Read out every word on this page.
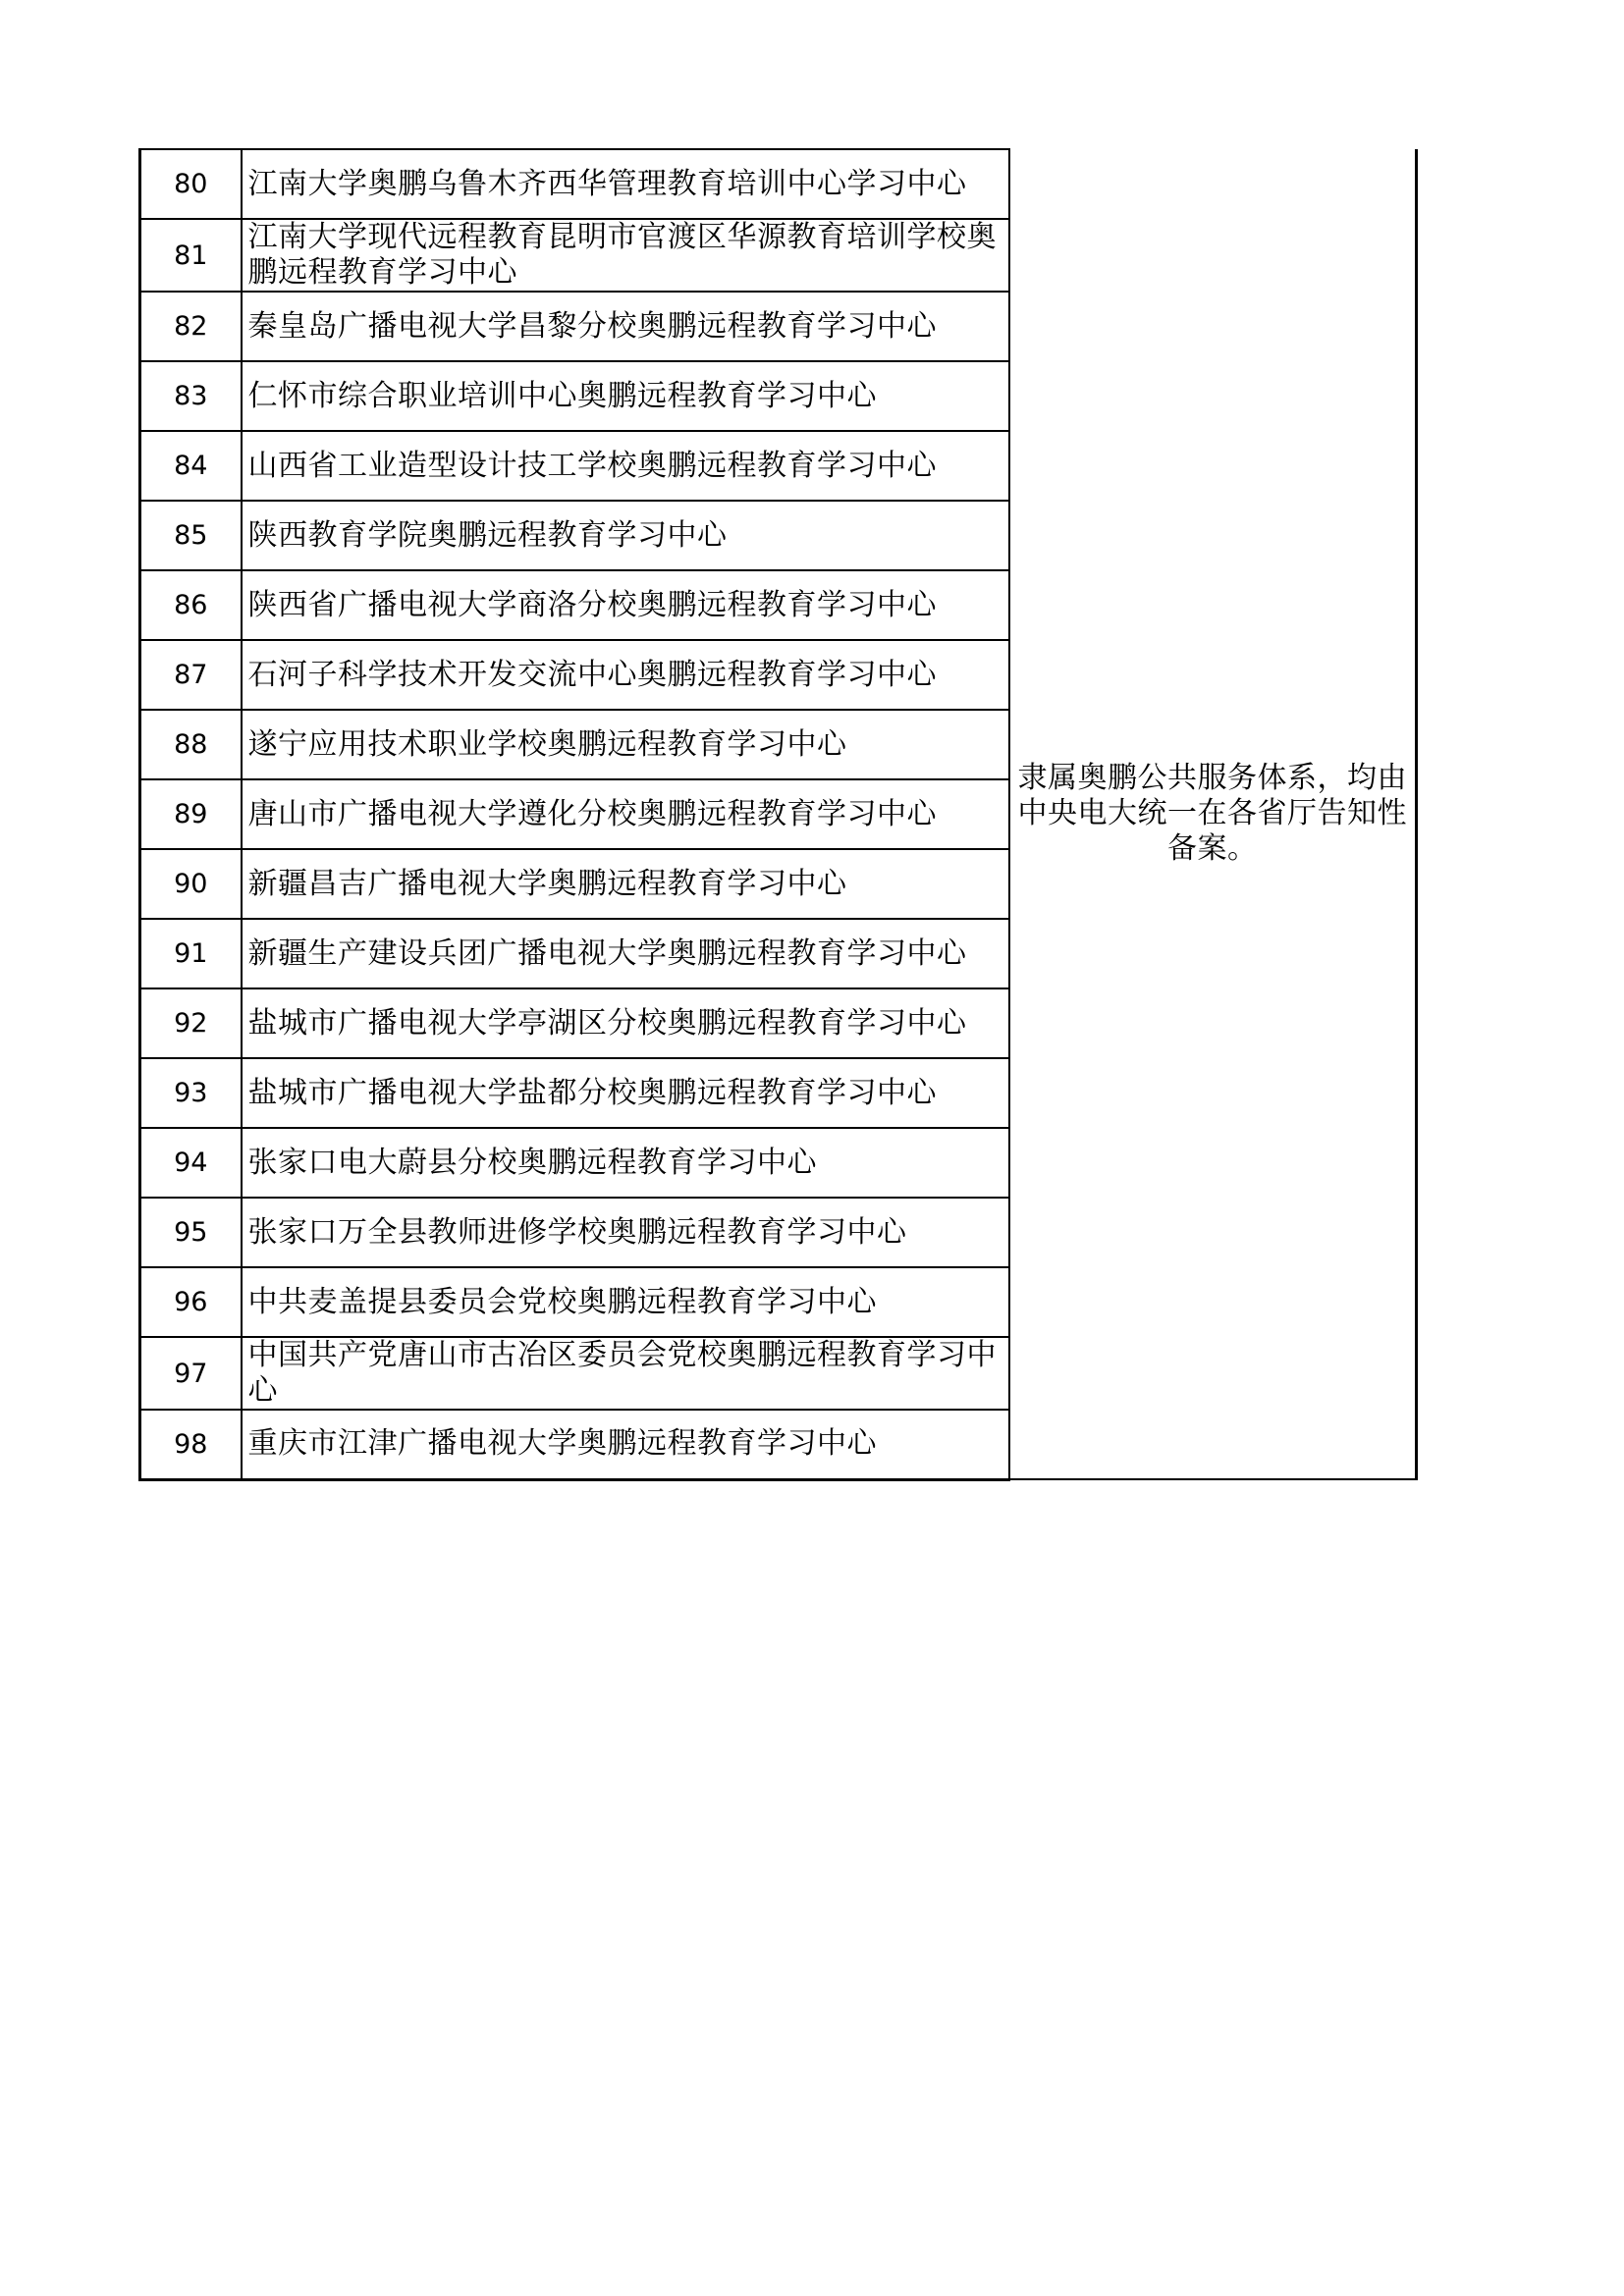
80	江南大学奥鹏乌鲁木齐西华管理教育培训中心学习中心	隶属奥鹏公共服务体系，均由中央电大统一在各省厅告知性备案。
81	江南大学现代远程教育昆明市官渡区华源教育培训学校奥鹏远程教育学习中心	
82	秦皇岛广播电视大学昌黎分校奥鹏远程教育学习中心	
83	仁怀市综合职业培训中心奥鹏远程教育学习中心	
84	山西省工业造型设计技工学校奥鹏远程教育学习中心	
85	陕西教育学院奥鹏远程教育学习中心	
86	陕西省广播电视大学商洛分校奥鹏远程教育学习中心	
87	石河子科学技术开发交流中心奥鹏远程教育学习中心	
88	遂宁应用技术职业学校奥鹏远程教育学习中心	
89	唐山市广播电视大学遵化分校奥鹏远程教育学习中心	
90	新疆昌吉广播电视大学奥鹏远程教育学习中心	
91	新疆生产建设兵团广播电视大学奥鹏远程教育学习中心	
92	盐城市广播电视大学亭湖区分校奥鹏远程教育学习中心	
93	盐城市广播电视大学盐都分校奥鹏远程教育学习中心	
94	张家口电大蔚县分校奥鹏远程教育学习中心	
95	张家口万全县教师进修学校奥鹏远程教育学习中心	
96	中共麦盖提县委员会党校奥鹏远程教育学习中心	
97	中国共产党唐山市古冶区委员会党校奥鹏远程教育学习中心	
98	重庆市江津广播电视大学奥鹏远程教育学习中心	
